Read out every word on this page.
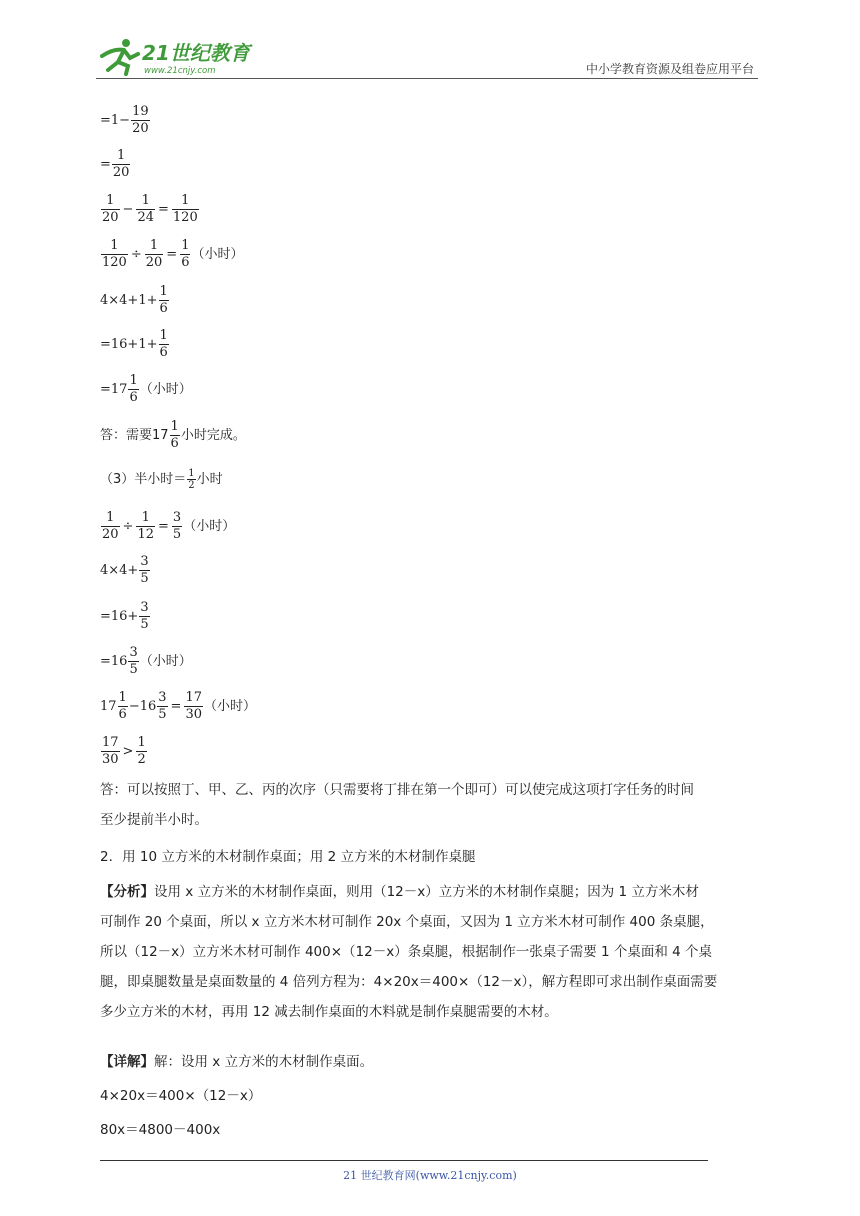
21世纪教育
www.21cnjy.com	中小学教育资源及组卷应用平台
$=1- \frac{19}{20}$
= $\frac{1}{20}$
$\frac{1}{20} - \frac{1}{24} = \frac{1}{120}$
$\frac{1}{120} \div \frac{1}{20} = \frac{1}{6}$ （小时）
$4\times 4+1+ \frac{1}{6}$
$=16+1+ \frac{1}{6}$
$=17 \frac{1}{6}$ （小时）
答：需要$17 \frac{1}{6}$ 小时完成。
（3）半小时＝ $\frac{1}{2}$ 小时
$\frac{1}{20} \div \frac{1}{12} = \frac{3}{5}$ （小时）
$4\times 4+ \frac{3}{5}$
$=16+ \frac{3}{5}$
$=16 \frac{3}{5}$ （小时）
$17 \frac{1}{6} -16 \frac{3}{5} = \frac{17}{30}$ （小时）
$\frac{17}{30} > \frac{1}{2}$
答：可以按照丁、甲、乙、丙的次序（只需要将丁排在第一个即可）可以使完成这项打字任务的时间
至少提前半小时。
2．用 10 立方米的木材制作桌面；用 2 立方米的木材制作桌腿
【分析】设用 x 立方米的木材制作桌面，则用（12－x）立方米的木材制作桌腿；因为 1 立方米木材
可制作 20 个桌面，所以 x 立方米木材可制作 20x 个桌面，又因为 1 立方米木材可制作 400 条桌腿，
所以（12－x）立方米木材可制作 400×（12－x）条桌腿，根据制作一张桌子需要 1 个桌面和 4 个桌
腿，即桌腿数量是桌面数量的 4 倍列方程为：4×20x＝400×（12－x），解方程即可求出制作桌面需要
多少立方米的木材，再用 12 减去制作桌面的木料就是制作桌腿需要的木材。
【详解】解：设用 x 立方米的木材制作桌面。
4×20x＝400×（12－x）
80x＝4800－400x
21 世纪教育网(www.21cnjy.com)
